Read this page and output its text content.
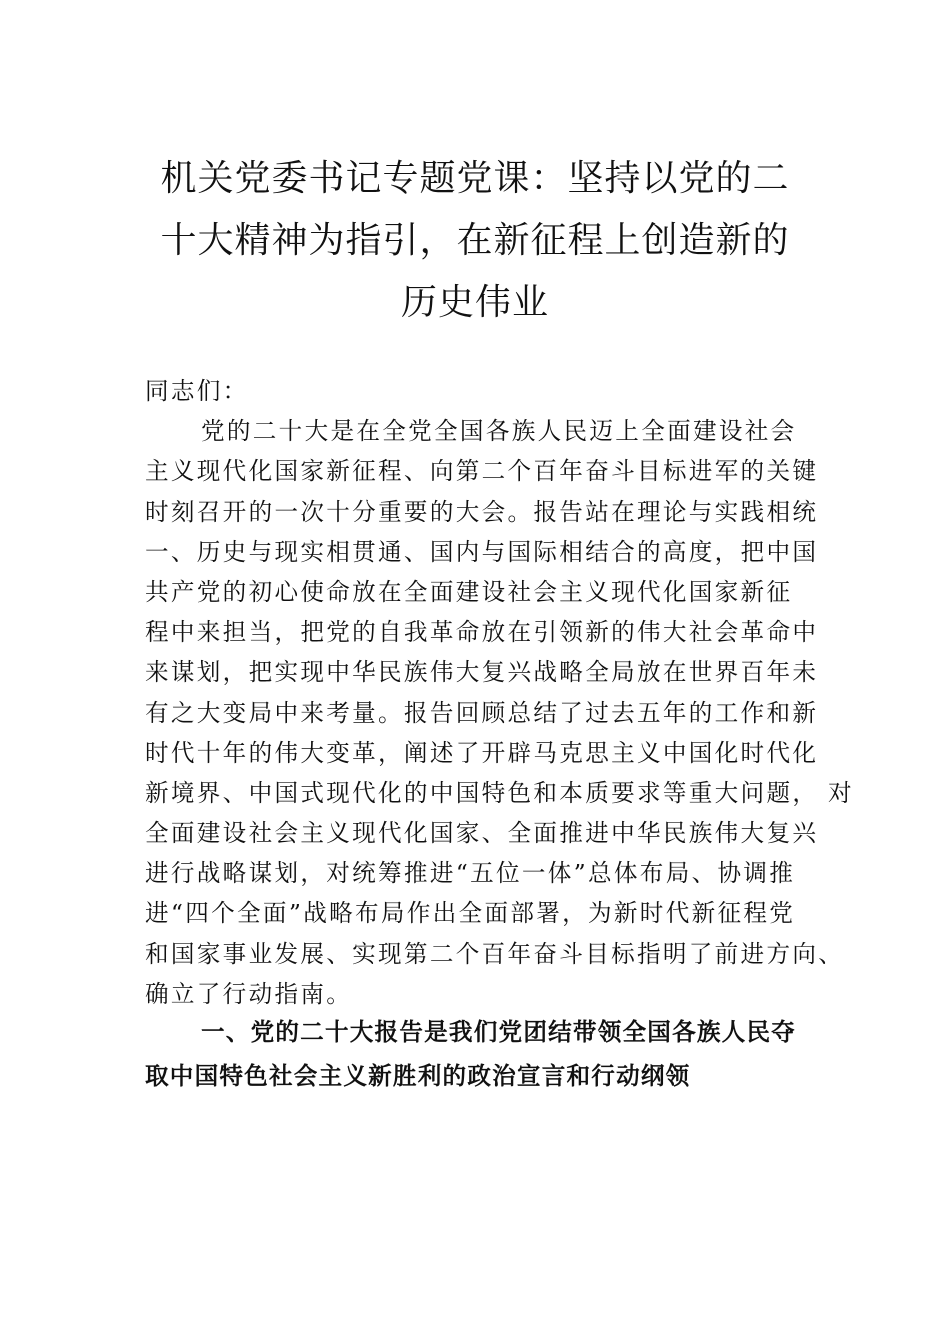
机关党委书记专题党课：坚持以党的二
十大精神为指引，在新征程上创造新的
历史伟业
同志们：
党的二十大是在全党全国各族人民迈上全面建设社会
主义现代化国家新征程、向第二个百年奋斗目标进军的关键
时刻召开的一次十分重要的大会。报告站在理论与实践相统
一、历史与现实相贯通、国内与国际相结合的高度，把中国
共产党的初心使命放在全面建设社会主义现代化国家新征
程中来担当，把党的自我革命放在引领新的伟大社会革命中
来谋划，把实现中华民族伟大复兴战略全局放在世界百年未
有之大变局中来考量。报告回顾总结了过去五年的工作和新
时代十年的伟大变革，阐述了开辟马克思主义中国化时代化
新境界、中国式现代化的中国特色和本质要求等重大问题， 对
全面建设社会主义现代化国家、全面推进中华民族伟大复兴
进行战略谋划，对统筹推进“五位一体”总体布局、协调推
进“四个全面”战略布局作出全面部署，为新时代新征程党
和国家事业发展、实现第二个百年奋斗目标指明了前进方向、
确立了行动指南。
一、党的二十大报告是我们党团结带领全国各族人民夺
取中国特色社会主义新胜利的政治宣言和行动纲领
